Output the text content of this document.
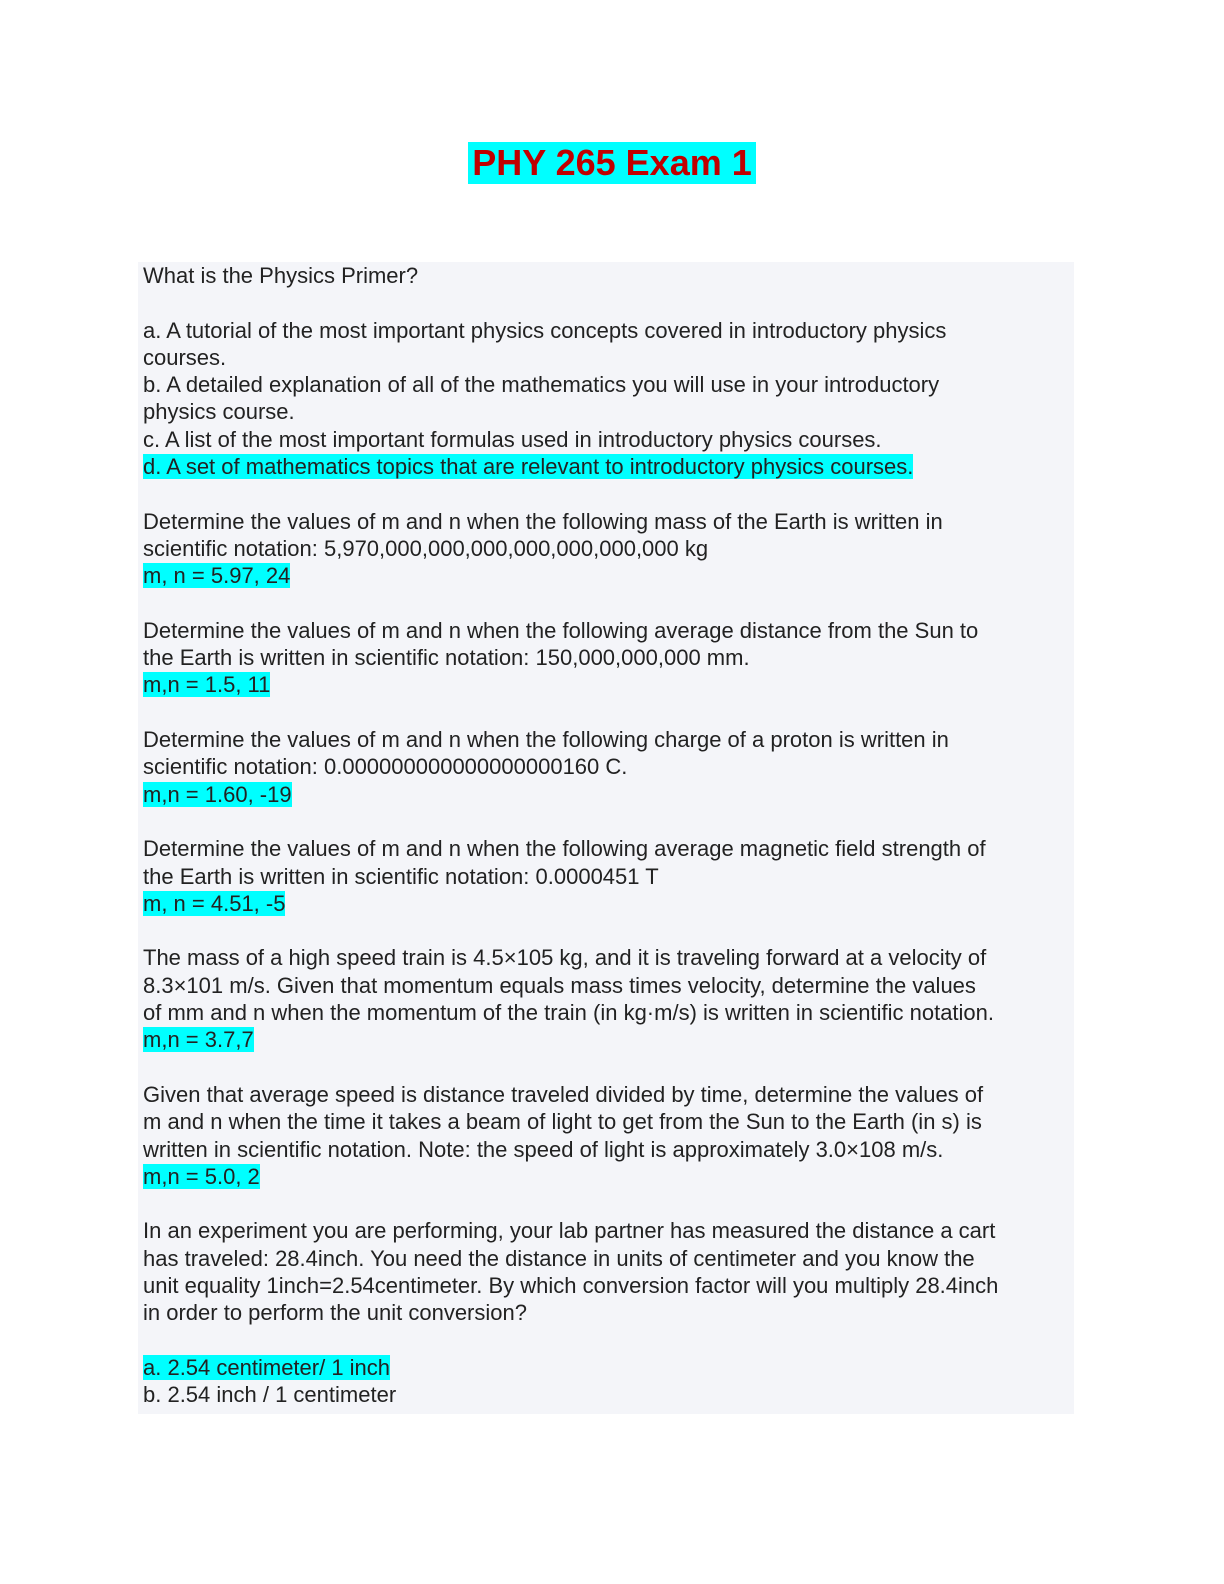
PHY 265 Exam 1
What is the Physics Primer?
a. A tutorial of the most important physics concepts covered in introductory physics
courses.
b. A detailed explanation of all of the mathematics you will use in your introductory
physics course.
c. A list of the most important formulas used in introductory physics courses.
d. A set of mathematics topics that are relevant to introductory physics courses.
Determine the values of m and n when the following mass of the Earth is written in
scientific notation: 5,970,000,000,000,000,000,000,000 kg
m, n = 5.97, 24
Determine the values of m and n when the following average distance from the Sun to
the Earth is written in scientific notation: 150,000,000,000 mm.
m,n = 1.5, 11
Determine the values of m and n when the following charge of a proton is written in
scientific notation: 0.000000000000000000160 C.
m,n = 1.60, -19
Determine the values of m and n when the following average magnetic field strength of
the Earth is written in scientific notation: 0.0000451 T
m, n = 4.51, -5
The mass of a high speed train is 4.5×105 kg, and it is traveling forward at a velocity of
8.3×101 m/s. Given that momentum equals mass times velocity, determine the values
of mm and n when the momentum of the train (in kg·m/s) is written in scientific notation.
m,n = 3.7,7
Given that average speed is distance traveled divided by time, determine the values of
m and n when the time it takes a beam of light to get from the Sun to the Earth (in s) is
written in scientific notation. Note: the speed of light is approximately 3.0×108 m/s.
m,n = 5.0, 2
In an experiment you are performing, your lab partner has measured the distance a cart
has traveled: 28.4inch. You need the distance in units of centimeter and you know the
unit equality 1inch=2.54centimeter. By which conversion factor will you multiply 28.4inch
in order to perform the unit conversion?
a. 2.54 centimeter/ 1 inch
b. 2.54 inch / 1 centimeter
